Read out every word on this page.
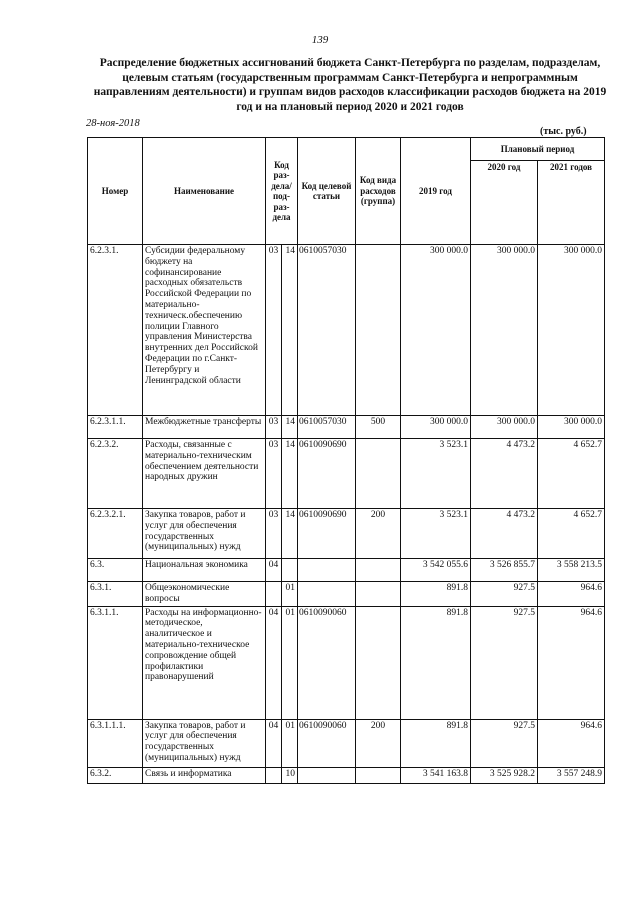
139
Распределение бюджетных ассигнований бюджета Санкт-Петербурга по разделам, подразделам, целевым статьям (государственным программам Санкт-Петербурга и непрограммным направлениям деятельности) и группам видов расходов классификации расходов бюджета на 2019 год и на плановый период 2020 и 2021 годов
28-ноя-2018
(тыс. руб.)
Номер	Наименование	Код раз-дела/ под-раз-дела		Код целевой статьи	Код вида расходов (группа)	2019 год	Плановый период	
							2020 год	2021 годов
6.2.3.1.	Субсидии федеральному бюджету на софинансирование расходных обязательств Российской Федерации по материально-техническ.обеспечению полиции Главного управления Министерства внутренних дел Российской Федерации по г.Санкт-Петербургу и Ленинградской области	03	14	0610057030		300 000.0	300 000.0	300 000.0
6.2.3.1.1.	Межбюджетные трансферты	03	14	0610057030	500	300 000.0	300 000.0	300 000.0
6.2.3.2.	Расходы, связанные с материально-техническим обеспечением деятельности народных дружин	03	14	0610090690		3 523.1	4 473.2	4 652.7
6.2.3.2.1.	Закупка товаров, работ и услуг для обеспечения государственных (муниципальных) нужд	03	14	0610090690	200	3 523.1	4 473.2	4 652.7
6.3.	Национальная экономика	04				3 542 055.6	3 526 855.7	3 558 213.5
6.3.1.	Общеэкономические вопросы		01			891.8	927.5	964.6
6.3.1.1.	Расходы на информационно-методическое, аналитическое и материально-техническое сопровождение общей профилактики правонарушений	04	01	0610090060		891.8	927.5	964.6
6.3.1.1.1.	Закупка товаров, работ и услуг для обеспечения государственных (муниципальных) нужд	04	01	0610090060	200	891.8	927.5	964.6
6.3.2.	Связь и информатика		10			3 541 163.8	3 525 928.2	3 557 248.9
